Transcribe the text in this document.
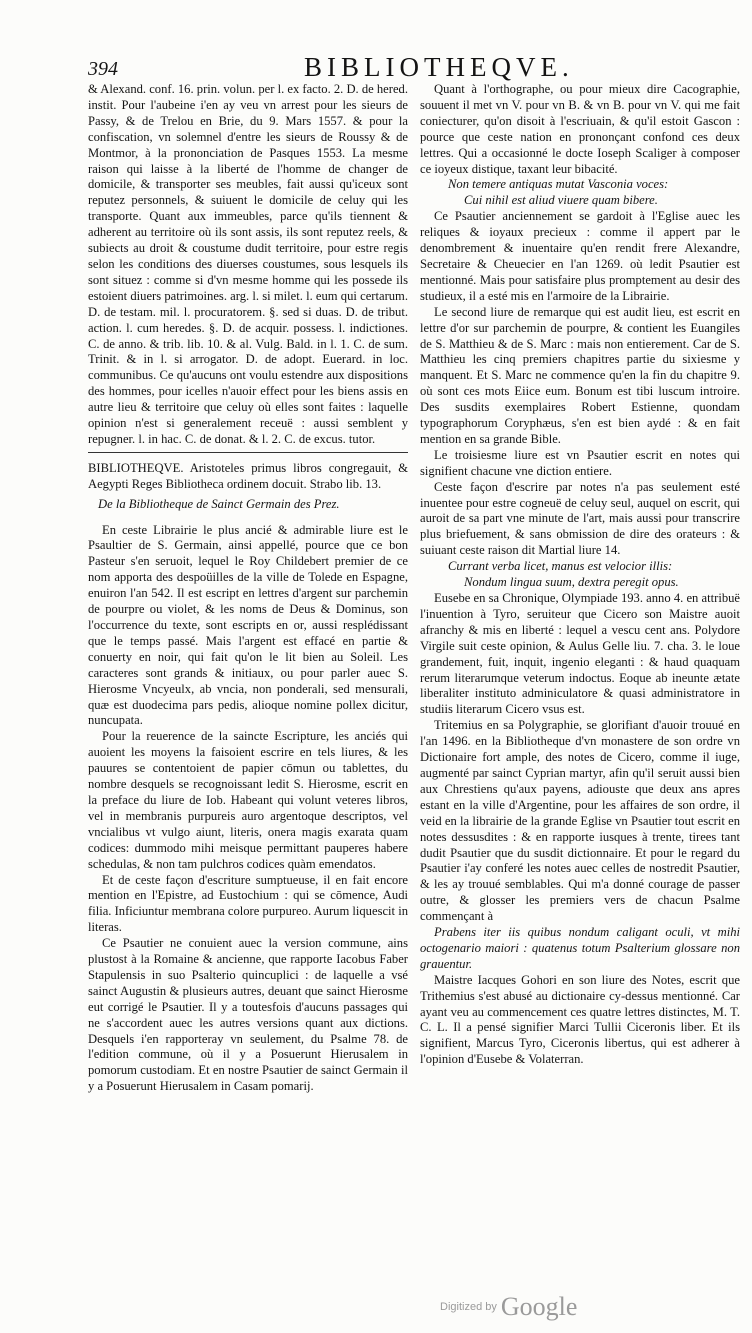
394	BIBLIOTHEQVE.

& Alexand. conf. 16. prin. volun. per l. ex facto. 2. D. de hered. instit. Pour l'aubeine i'en ay veu vn arrest pour les sieurs de Passy, & de Trelou en Brie, du 9. Mars 1557. & pour la confiscation, vn solemnel d'entre les sieurs de Roussy & de Montmor, à la prononciation de Pasques 1553. La mesme raison qui laisse à la liberté de l'homme de changer de domicile, & transporter ses meubles, fait aussi qu'iceux sont reputez personnels, & suiuent le domicile de celuy qui les transporte. Quant aux immeubles, parce qu'ils tiennent & adherent au territoire où ils sont assis, ils sont reputez reels, & subiects au droit & coustume dudit territoire, pour estre regis selon les conditions des diuerses coustumes, sous lesquels ils sont situez : comme si d'vn mesme homme qui les possede ils estoient diuers patrimoines. arg. l. si milet. l. eum qui certarum. D. de testam. mil. l. procuratorem. §. sed si duas. D. de tribut. action. l. cum heredes. §. D. de acquir. possess. l. indictiones. C. de anno. & trib. lib. 10. & al. Vulg. Bald. in l. 1. C. de sum. Trinit. & in l. si arrogator. D. de adopt. Euerard. in loc. communibus. Ce qu'aucuns ont voulu estendre aux dispositions des hommes, pour icelles n'auoir effect pour les biens assis en autre lieu & territoire que celuy où elles sont faites : laquelle opinion n'est si generalement receuë : aussi semblent y repugner. l. in hac. C. de donat. & l. 2. C. de excus. tutor.

BIBLIOTHEQVE. Aristoteles primus libros congregauit, & Aegypti Reges Bibliotheca ordinem docuit. Strabo lib. 13.

De la Bibliotheque de Sainct Germain des Prez.

En ceste Librairie le plus ancié & admirable liure est le Psaultier de S. Germain, ainsi appellé, pource que ce bon Pasteur s'en seruoit, lequel le Roy Childebert premier de ce nom apporta des despoüilles de la ville de Tolede en Espagne, enuiron l'an 542. Il est escript en lettres d'argent sur parchemin de pourpre ou violet, & les noms de Deus & Dominus, son l'occurrence du texte, sont escripts en or, aussi resplédissant que le temps passé. Mais l'argent est effacé en partie & conuerty en noir, qui fait qu'on le lit bien au Soleil. Les caracteres sont grands & initiaux, ou pour parler auec S. Hierosme Vncyeulx, ab vncia, non ponderali, sed mensurali, quæ est duodecima pars pedis, alioque nomine pollex dicitur, nuncupata.

Pour la reuerence de la saincte Escripture, les anciés qui auoient les moyens la faisoient escrire en tels liures, & les pauures se contentoient de papier cōmun ou tablettes, du nombre desquels se recognoissant ledit S. Hierosme, escrit en la preface du liure de Iob. Habeant qui volunt veteres libros, vel in membranis purpureis auro argentoque descriptos, vel vncialibus vt vulgo aiunt, literis, onera magis exarata quam codices: dummodo mihi meisque permittant pauperes habere schedulas, & non tam pulchros codices quàm emendatos.

Et de ceste façon d'escriture sumptueuse, il en fait encore mention en l'Epistre, ad Eustochium : qui se cōmence, Audi filia. Inficiuntur membrana colore purpureo. Aurum liquescit in literas.

Ce Psautier ne conuient auec la version commune, ains plustost à la Romaine & ancienne, que rapporte Iacobus Faber Stapulensis in suo Psalterio quincuplici : de laquelle a vsé sainct Augustin & plusieurs autres, deuant que sainct Hierosme eut corrigé le Psautier. Il y a toutesfois d'aucuns passages qui ne s'accordent auec les autres versions quant aux dictions. Desquels i'en rapporteray vn seulement, du Psalme 78. de l'edition commune, où il y a Posuerunt Hierusalem in pomorum custodiam. Et en nostre Psautier de sainct Germain il y a Posuerunt Hierusalem in Casam pomarij.

Quant à l'orthographe, ou pour mieux dire Cacographie, souuent il met vn V. pour vn B. & vn B. pour vn V. qui me fait coniecturer, qu'on disoit à l'escriuain, & qu'il estoit Gascon : pource que ceste nation en prononçant confond ces deux lettres. Qui a occasionné le docte Ioseph Scaliger à composer ce ioyeux distique, taxant leur bibacité.

Non temere antiquas mutat Vasconia voces:

Cui nihil est aliud viuere quam bibere.

Ce Psautier anciennement se gardoit à l'Eglise auec les reliques & ioyaux precieux : comme il appert par le denombrement & inuentaire qu'en rendit frere Alexandre, Secretaire & Cheuecier en l'an 1269. où ledit Psautier est mentionné. Mais pour satisfaire plus promptement au desir des studieux, il a esté mis en l'armoire de la Librairie.

Le second liure de remarque qui est audit lieu, est escrit en lettre d'or sur parchemin de pourpre, & contient les Euangiles de S. Matthieu & de S. Marc : mais non entierement. Car de S. Matthieu les cinq premiers chapitres partie du sixiesme y manquent. Et S. Marc ne commence qu'en la fin du chapitre 9. où sont ces mots Eiice eum. Bonum est tibi luscum introire. Des susdits exemplaires Robert Estienne, quondam typographorum Coryphæus, s'en est bien aydé : & en fait mention en sa grande Bible.

Le troisiesme liure est vn Psautier escrit en notes qui signifient chacune vne diction entiere.

Ceste façon d'escrire par notes n'a pas seulement esté inuentee pour estre cogneuë de celuy seul, auquel on escrit, qui auroit de sa part vne minute de l'art, mais aussi pour transcrire plus briefuement, & sans obmission de dire des orateurs : & suiuant ceste raison dit Martial liure 14.

Currant verba licet, manus est velocior illis:

Nondum lingua suum, dextra peregit opus.

Eusebe en sa Chronique, Olympiade 193. anno 4. en attribuë l'inuention à Tyro, seruiteur que Cicero son Maistre auoit afranchy & mis en liberté : lequel a vescu cent ans. Polydore Virgile suit ceste opinion, & Aulus Gelle liu. 7. cha. 3. le loue grandement, fuit, inquit, ingenio eleganti : & haud quaquam rerum literarumque veterum indoctus. Eoque ab ineunte ætate liberaliter instituto adminiculatore & quasi administratore in studiis literarum Cicero vsus est.

Tritemius en sa Polygraphie, se glorifiant d'auoir trouué en l'an 1496. en la Bibliotheque d'vn monastere de son ordre vn Dictionaire fort ample, des notes de Cicero, comme il iuge, augmenté par sainct Cyprian martyr, afin qu'il seruit aussi bien aux Chrestiens qu'aux payens, adiouste que deux ans apres estant en la ville d'Argentine, pour les affaires de son ordre, il veid en la librairie de la grande Eglise vn Psautier tout escrit en notes dessusdites : & en rapporte iusques à trente, tirees tant dudit Psautier que du susdit dictionnaire. Et pour le regard du Psautier i'ay conferé les notes auec celles de nostredit Psautier, & les ay trouué semblables. Qui m'a donné courage de passer outre, & glosser les premiers vers de chacun Psalme commençant à

Prabens iter iis quibus nondum caligant oculi, vt mihi octogenario maiori : quatenus totum Psalterium glossare non grauentur.

Maistre Iacques Gohori en son liure des Notes, escrit que Trithemius s'est abusé au dictionaire cy-dessus mentionné. Car ayant veu au commencement ces quatre lettres distinctes, M. T. C. L. Il a pensé signifier Marci Tullii Ciceronis liber. Et ils signifient, Marcus Tyro, Ciceronis libertus, qui est adherer à l'opinion d'Eusebe & Volaterran.

Digitized by Google
